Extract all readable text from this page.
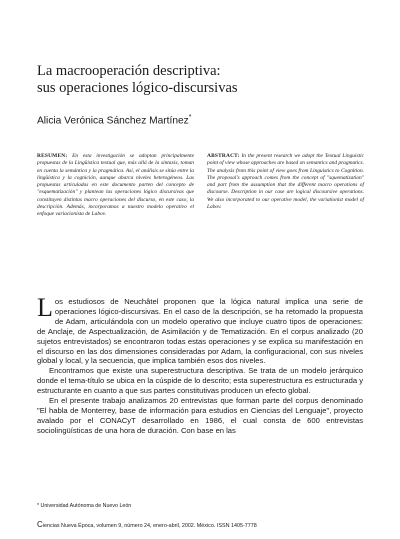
La macrooperación descriptiva:
sus operaciones lógico-discursivas
Alicia Verónica Sánchez Martínez*
RESUMEN: En esta investigación se adoptan principalmente propuestas de la Lingüística textual que, más allá de la sintaxis, toman en cuenta la semántica y la pragmática. Así, el análisis se sitúa entre la lingüística y la cognición, aunque abarca niveles heterogéneos. Las propuestas articuladas en este documento parten del concepto de "esquematización" y plantean las operaciones lógico discursivas que constituyen distintas macro operaciones del discurso, en este caso, la descripción. Además, incorporamos a nuestro modelo operativo el enfoque variacionista de Labov.
ABSTRACT: In the present research we adopt the Textual Linguistic point of view whose approaches are based on semantics and pragmatics. The analysis from this point of view goes from Linguistics to Cognition. The proposal's approach comes from the concept of "squematization" and part from the assumption that the different macro operations of discourse. Description in our case are logical discoursive operations. We also incorporated to our operative model, the variationist model of Labov.

Los estudiosos de Neuchâtel proponen que la lógica natural implica una serie de operaciones lógico-discursivas. En el caso de la descripción, se ha retomado la propuesta de Adam, articulándola con un modelo operativo que incluye cuatro tipos de operaciones: de Anclaje, de Aspectualización, de Asimilación y de Tematización. En el corpus analizado (20 sujetos entrevistados) se encontraron todas estas operaciones y se explica su manifestación en el discurso en las dos dimensiones consideradas por Adam, la configuracional, con sus niveles global y local, y la secuencia, que implica también esos dos niveles.

Encontramos que existe una superestructura descriptiva. Se trata de un modelo jerárquico donde el tema-título se ubica en la cúspide de lo descrito; esta superestructura es estructurada y estructurante en cuanto a que sus partes constitutivas producen un efecto global.

En el presente trabajo analizamos 20 entrevistas que forman parte del corpus denominado "El habla de Monterrey, base de información para estudios en Ciencias del Lenguaje", proyecto avalado por el CONACyT desarrollado en 1986, el cual consta de 600 entrevistas sociolingüísticas de una hora de duración. Con base en las

* Universidad Autónoma de Nuevo León
Ciencias Nueva Época, volumen 9, número 24, enero-abril, 2002. México. ISSN 1405-7778
